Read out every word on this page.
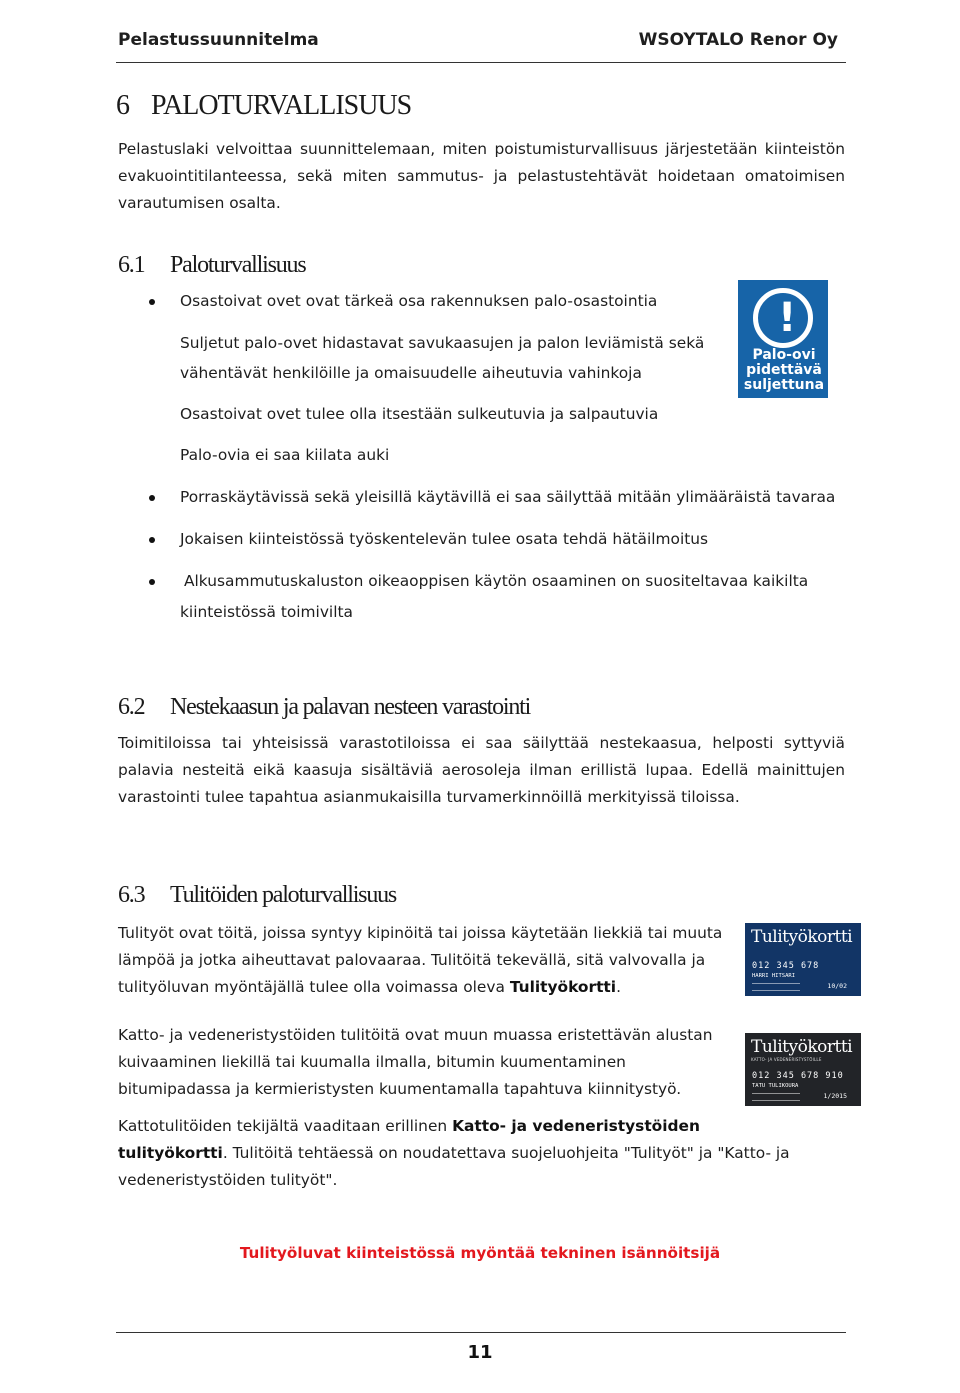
Pelastussuunnitelma	WSOYTALO Renor Oy
6 PALOTURVALLISUUS
Pelastuslaki velvoittaa suunnittelemaan, miten poistumisturvallisuus järjestetään kiinteistön evakuointitilanteessa, sekä miten sammutus- ja pelastustehtävät hoidetaan omatoimisen varautumisen osalta.
6.1 Paloturvallisuus
Osastoivat ovet ovat tärkeä osa rakennuksen palo-osastointia
Suljetut palo-ovet hidastavat savukaasujen ja palon leviämistä sekä
vähentävät henkilöille ja omaisuudelle aiheutuvia vahinkoja
Osastoivat ovet tulee olla itsestään sulkeutuvia ja salpautuvia
Palo-ovia ei saa kiilata auki
Porraskäytävissä sekä yleisillä käytävillä ei saa säilyttää mitään ylimääräistä tavaraa
Jokaisen kiinteistössä työskentelevän tulee osata tehdä hätäilmoitus
Alkusammutuskaluston oikeaoppisen käytön osaaminen on suositeltavaa kaikilta
kiinteistössä toimivilta
!
Palo-ovi
pidettävä
suljettuna
6.2 Nestekaasun ja palavan nesteen varastointi
Toimitiloissa tai yhteisissä varastotiloissa ei saa säilyttää nestekaasua, helposti syttyviä palavia nesteitä eikä kaasuja sisältäviä aerosoleja ilman erillistä lupaa. Edellä mainittujen varastointi tulee tapahtua asianmukaisilla turvamerkinnöillä merkityissä tiloissa.
6.3 Tulitöiden paloturvallisuus
Tulityöt ovat töitä, joissa syntyy kipinöitä tai joissa käytetään liekkiä tai muuta
lämpöä ja jotka aiheuttavat palovaaraa. Tulitöitä tekevällä, sitä valvovalla ja
tulityöluvan myöntäjällä tulee olla voimassa oleva Tulityökortti.
Katto- ja vedeneristystöiden tulitöitä ovat muun muassa eristettävän alustan
kuivaaminen liekillä tai kuumalla ilmalla, bitumin kuumentaminen
bitumipadassa ja kermieristysten kuumentamalla tapahtuva kiinnitystyö.
Kattotulitöiden tekijältä vaaditaan erillinen Katto- ja vedeneristystöiden
tulityökortti. Tulitöitä tehtäessä on noudatettava suojeluohjeita "Tulityöt" ja "Katto- ja
vedeneristystöiden tulityöt".
Tulityökortti
012 345 678
HARRI HITSARI
10/02
Tulityökortti
KATTO- JA VEDENERISTYSTÖILLE
012 345 678 910
TATU TULIKOURA
1/2015
Tulityöluvat kiinteistössä myöntää tekninen isännöitsijä
11
